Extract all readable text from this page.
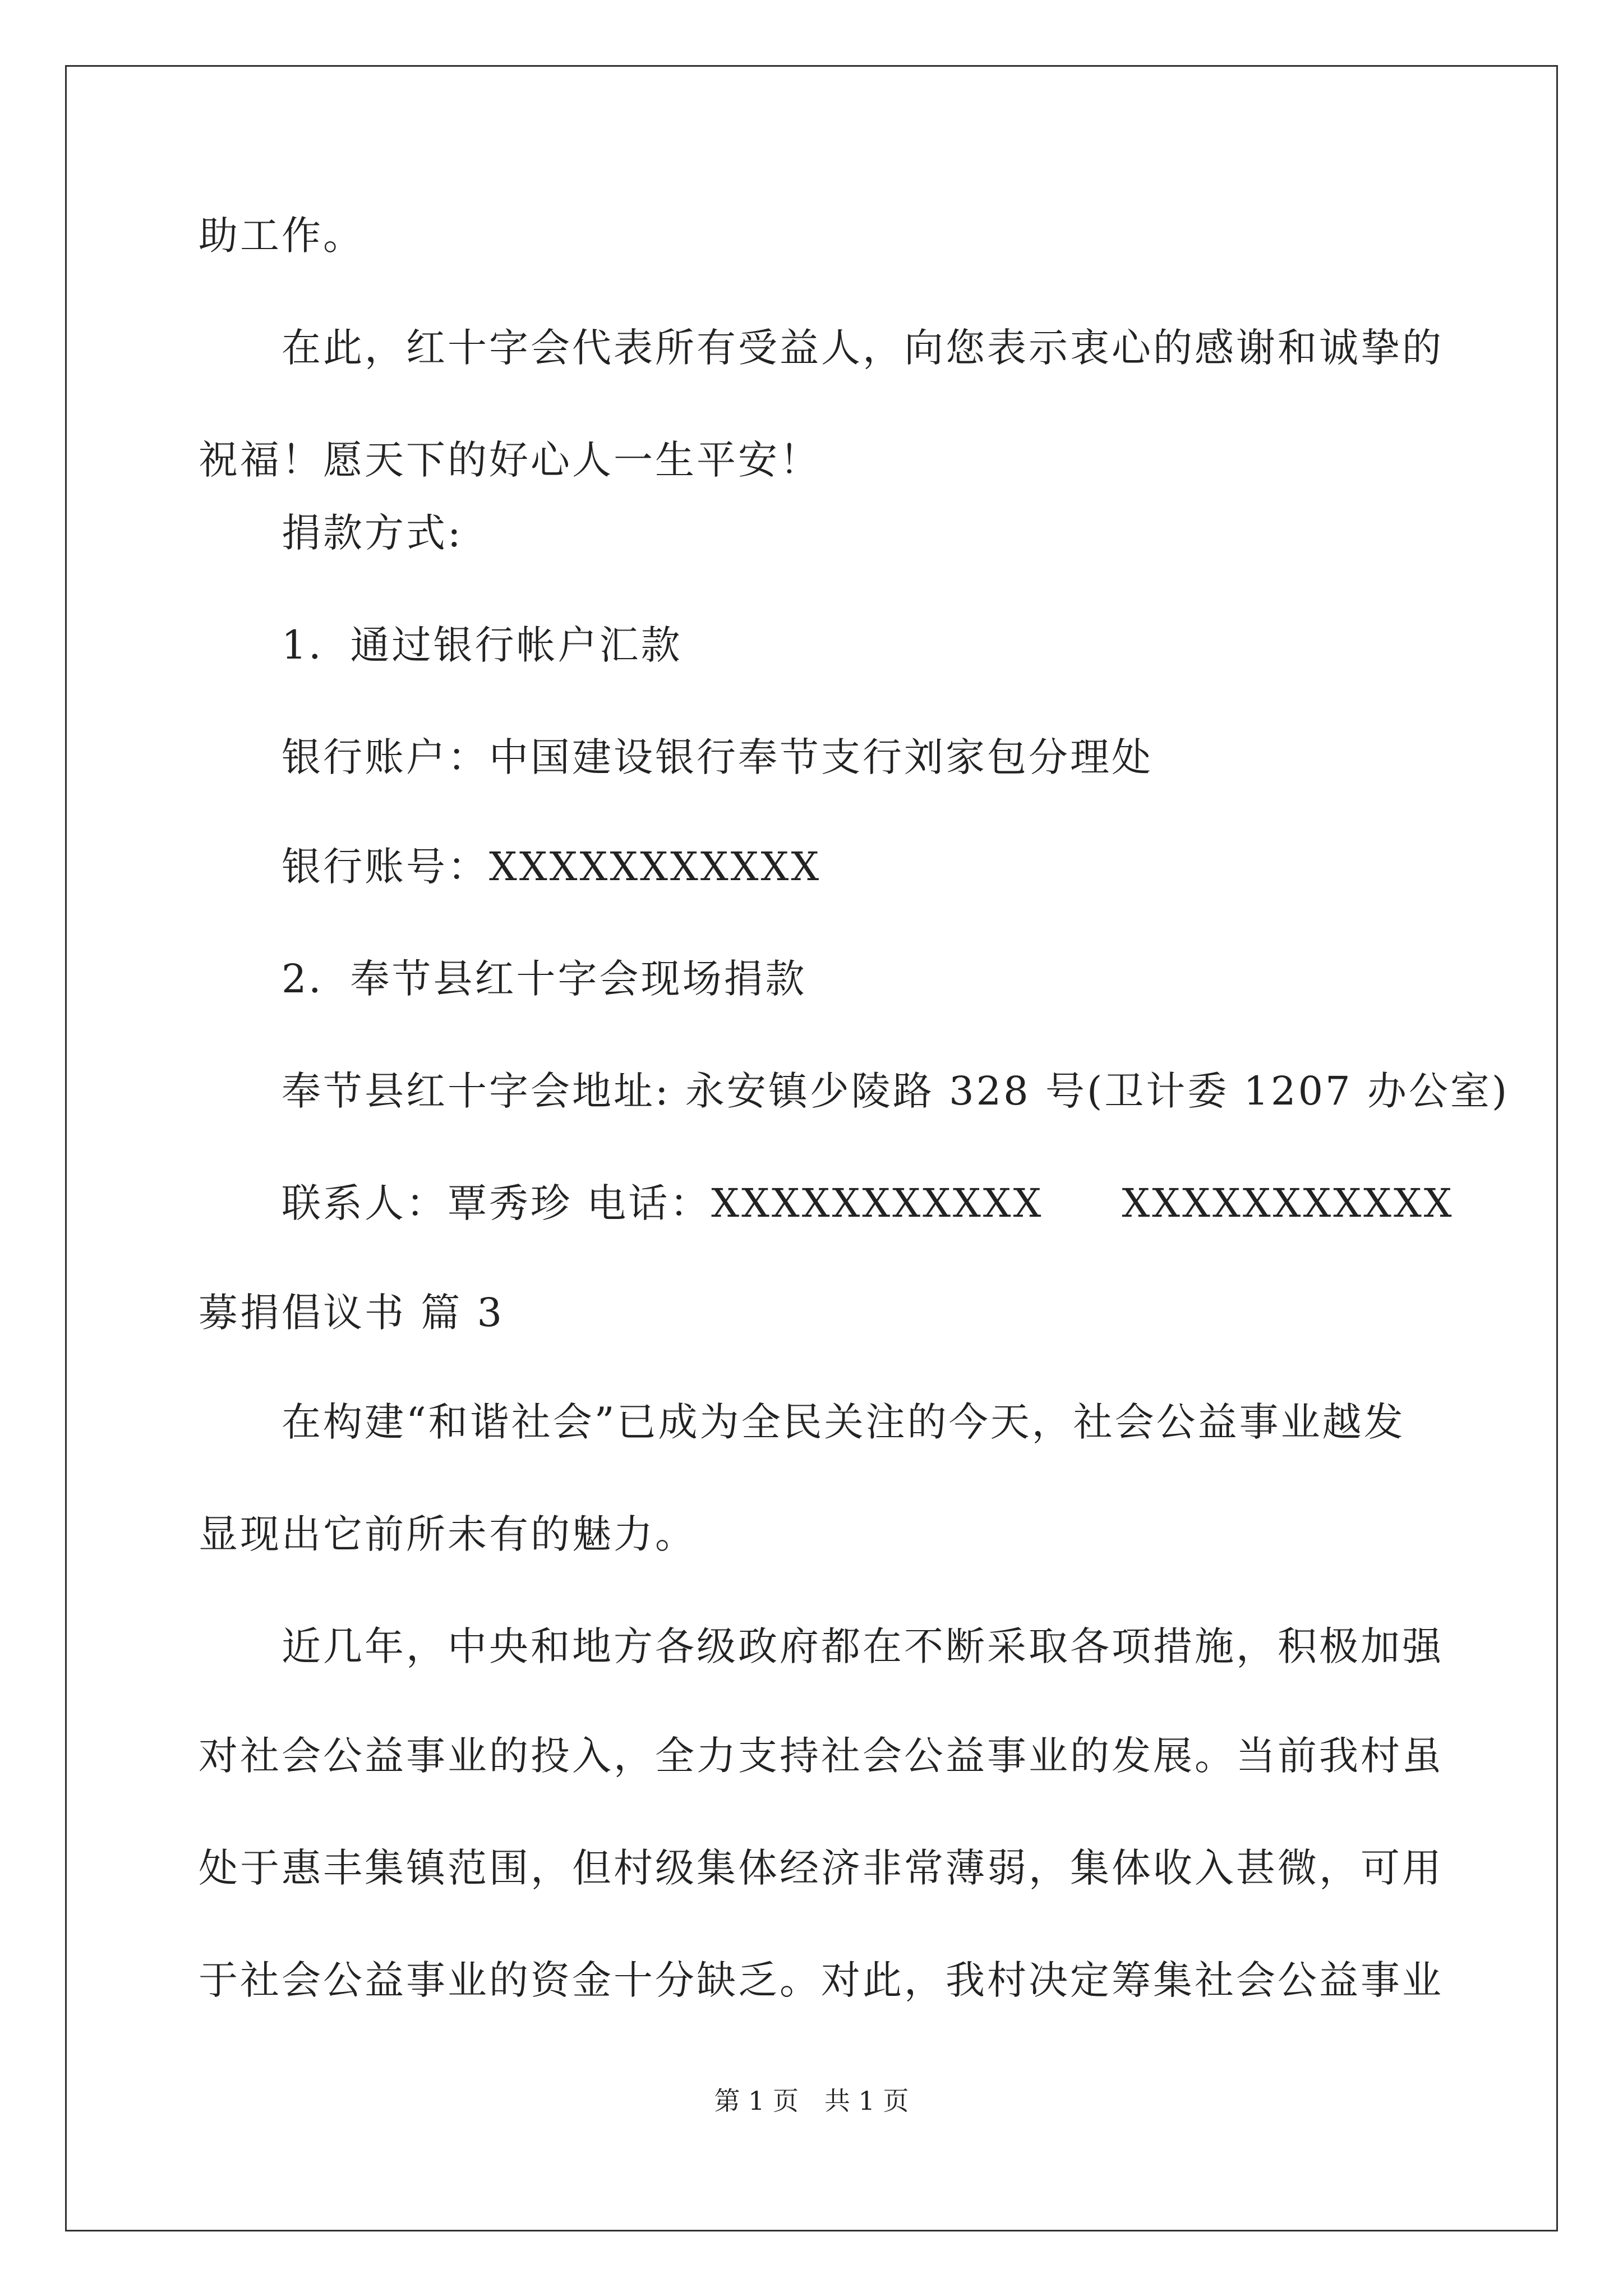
助工作。
在此，红十字会代表所有受益人，向您表示衷心的感谢和诚挚的
祝福！愿天下的好心人一生平安！
捐款方式:
1．通过银行帐户汇款
银行账户：中国建设银行奉节支行刘家包分理处
银行账号：XXXXXXXXXXX
2．奉节县红十字会现场捐款
奉节县红十字会地址: 永安镇少陵路 328 号(卫计委 1207 办公室)
联系人：覃秀珍 电话：XXXXXXXXXXX XXXXXXXXXXX
募捐倡议书 篇 3
在构建“和谐社会”已成为全民关注的今天，社会公益事业越发
显现出它前所未有的魅力。
近几年，中央和地方各级政府都在不断采取各项措施，积极加强
对社会公益事业的投入，全力支持社会公益事业的发展。当前我村虽
处于惠丰集镇范围，但村级集体经济非常薄弱，集体收入甚微，可用
于社会公益事业的资金十分缺乏。对此，我村决定筹集社会公益事业
第 1 页　共 1 页
